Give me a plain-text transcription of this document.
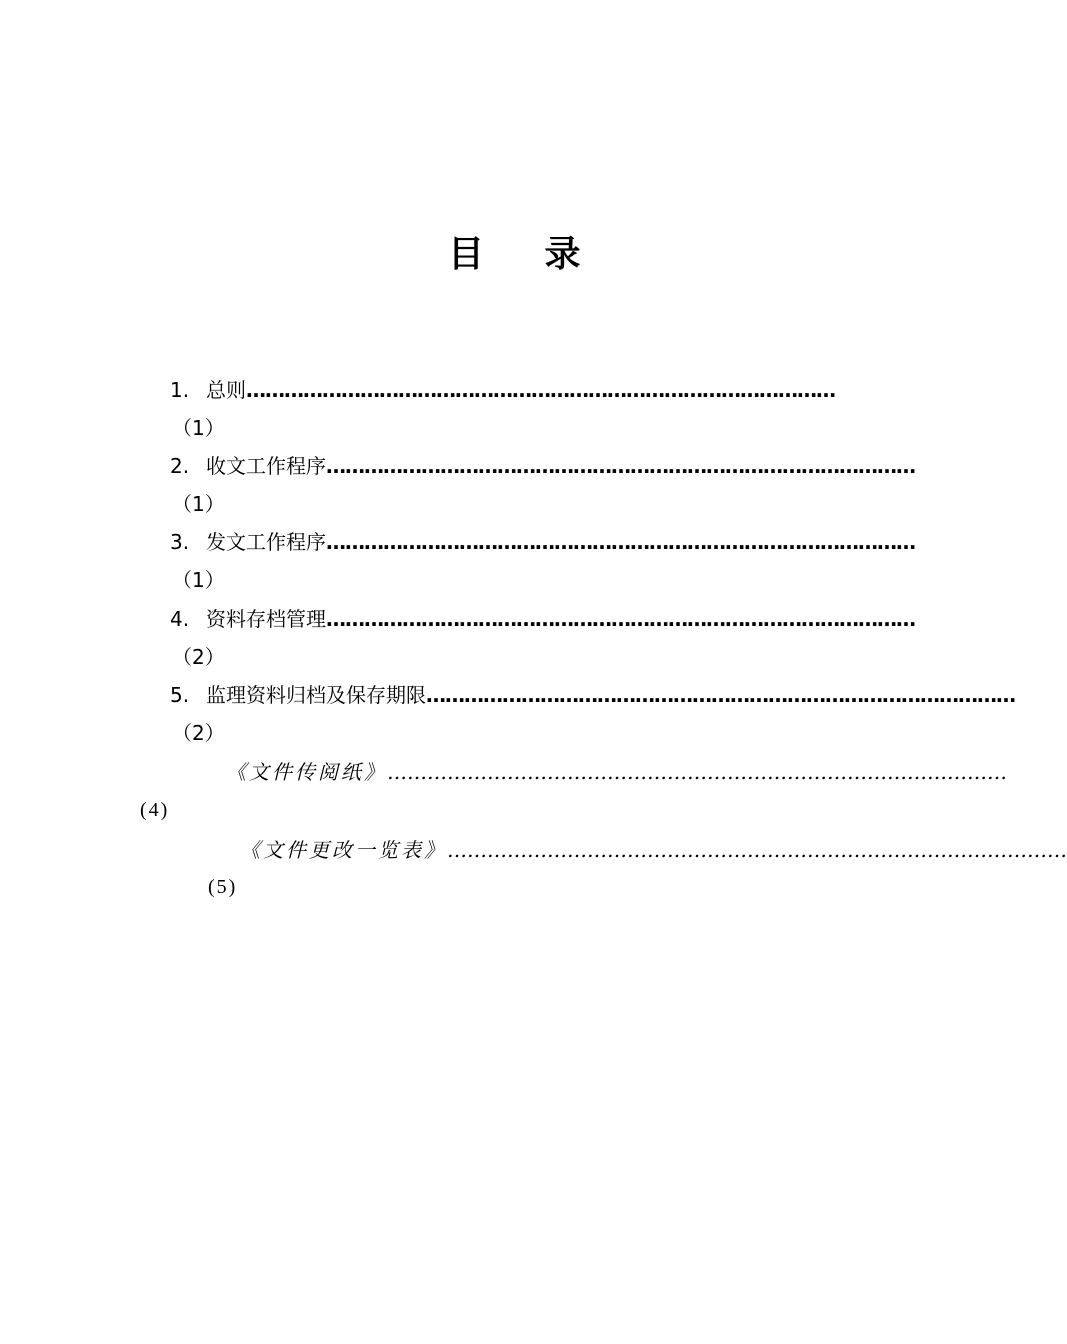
目 录
1. 总则 …………………………………………………………………………………
（1）
2. 收文工作程序 …………………………………………………………………………………
（1）
3. 发文工作程序 …………………………………………………………………………………
（1）
4. 资料存档管理 …………………………………………………………………………………
（2）
5. 监理资料归档及保存期限 …………………………………………………………………………………
（2）
《文件传阅纸》 …………………………………………………………………………………
(4)
《文件更改一览表》 …………………………………………………………………………………
(5)
